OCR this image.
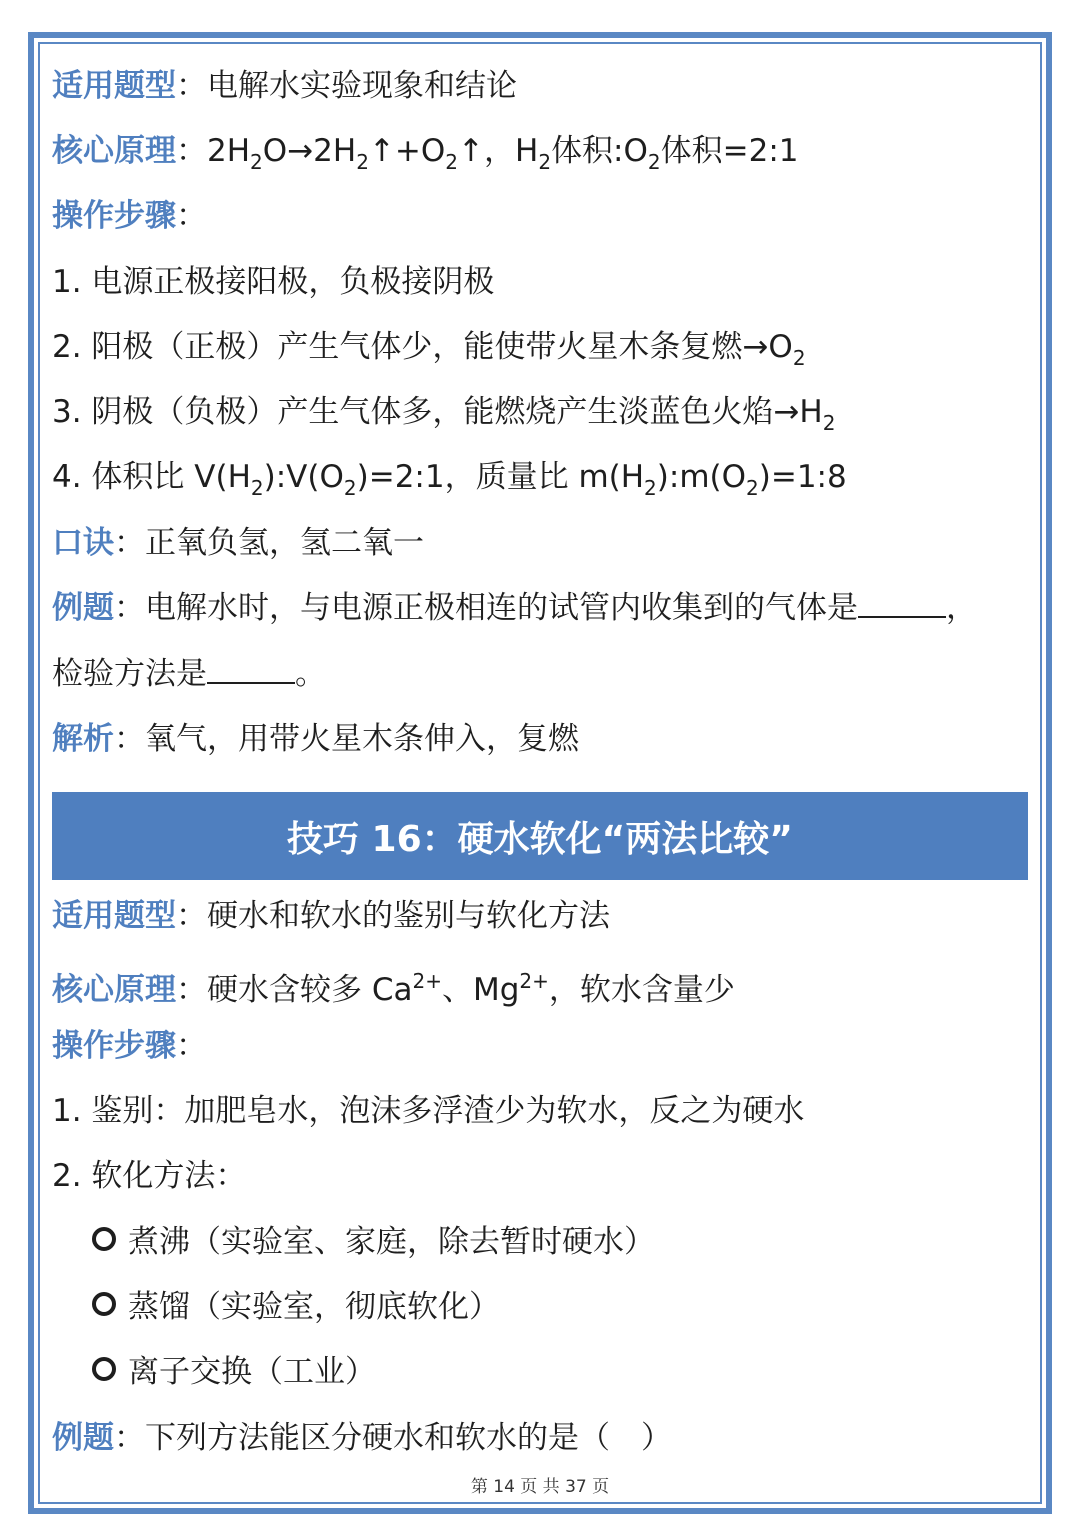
适用题型：电解水实验现象和结论
核心原理：$2H_2O\to 2H_2↑+O_2↑$，$H_2$体积$:O_2$体积=2:1
操作步骤：
1. 电源正极接阳极，负极接阴极
2. 阳极（正极）产生气体少，能使带火星木条复燃$\to O_2$
3. 阴极（负极）产生气体多，能燃烧产生淡蓝色火焰$\to H_2$
4. 体积比 $V(H_2):V(O_2)=2:1$，质量比 $m(H_2):m(O_2)=1:8$
口诀：正氧负氢，氢二氧一
例题：电解水时，与电源正极相连的试管内收集到的气体是	，
检验方法是	。
解析：氧气，用带火星木条伸入，复燃
技巧 16：硬水软化“两法比较”
适用题型：硬水和软水的鉴别与软化方法
核心原理：硬水含较多 $Ca^{2+}$、$Mg^{2+}$，软水含量少
操作步骤：
1. 鉴别：加肥皂水，泡沫多浮渣少为软水，反之为硬水
2. 软化方法：
煮沸（实验室、家庭，除去暂时硬水）
蒸馏（实验室，彻底软化）
离子交换（工业）
例题：下列方法能区分硬水和软水的是（　）
第 14 页 共 37 页
